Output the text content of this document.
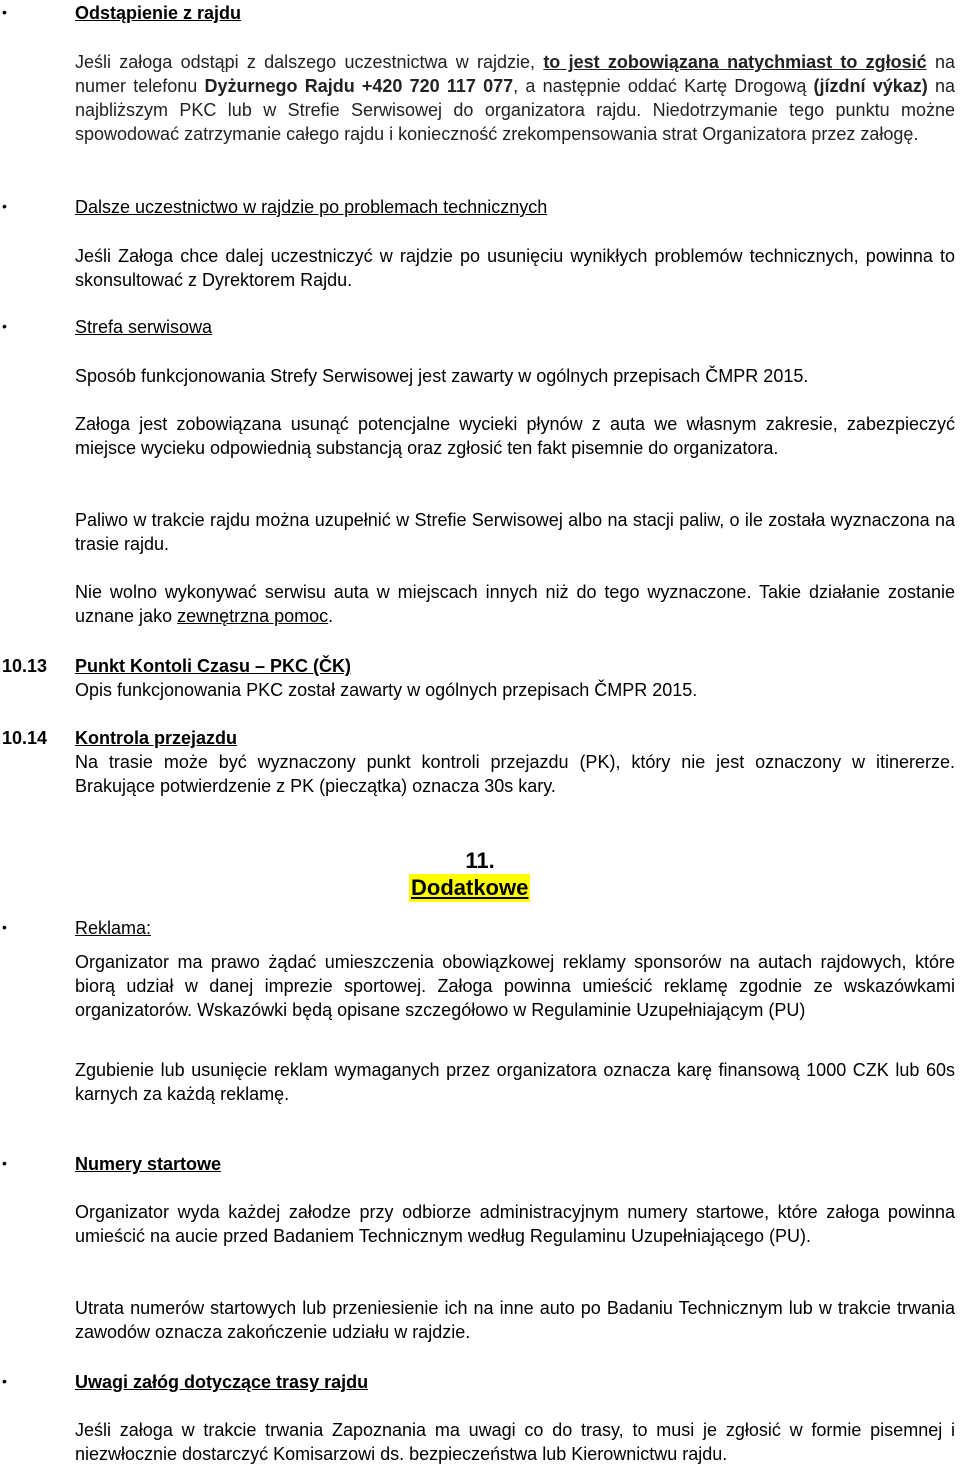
•	Odstąpienie z rajdu

Jeśli załoga odstąpi z dalszego uczestnictwa w rajdzie, to jest zobowiązana natychmiast to zgłosić na numer telefonu Dyżurnego Rajdu +420 720 117 077, a następnie oddać Kartę Drogową (jízdní výkaz) na najbliższym PKC lub w Strefie Serwisowej do organizatora rajdu. Niedotrzymanie tego punktu możne spowodować zatrzymanie całego rajdu i konieczność zrekompensowania strat Organizatora przez załogę.

•	Dalsze uczestnictwo w rajdzie po problemach technicznych

Jeśli Załoga chce dalej uczestniczyć w rajdzie po usunięciu wynikłych problemów technicznych, powinna to skonsultować z Dyrektorem Rajdu.

•	Strefa serwisowa

Sposób funkcjonowania Strefy Serwisowej jest zawarty w ogólnych przepisach ČMPR 2015.

Załoga jest zobowiązana usunąć potencjalne wycieki płynów z auta we własnym zakresie, zabezpieczyć miejsce wycieku odpowiednią substancją oraz zgłosić ten fakt pisemnie do organizatora.

Paliwo w trakcie rajdu można uzupełnić w Strefie Serwisowej albo na stacji paliw, o ile została wyznaczona na trasie rajdu.

Nie wolno wykonywać serwisu auta w miejscach innych niż do tego wyznaczone. Takie działanie zostanie uznane jako zewnętrzna pomoc.

10.13 Punkt Kontoli Czasu – PKC (ČK)

Opis funkcjonowania PKC został zawarty w ogólnych przepisach ČMPR 2015.

10.14 Kontrola przejazdu

Na trasie może być wyznaczony punkt kontroli przejazdu (PK), który nie jest oznaczony w itinererze. Brakujące potwierdzenie z PK (pieczątka) oznacza 30s kary.

11.
Dodatkowe
•	Reklama:

Organizator ma prawo żądać umieszczenia obowiązkowej reklamy sponsorów na autach rajdowych, które biorą udział w danej imprezie sportowej. Załoga powinna umieścić reklamę zgodnie ze wskazówkami organizatorów. Wskazówki będą opisane szczegółowo w Regulaminie Uzupełniającym (PU)

Zgubienie lub usunięcie reklam wymaganych przez organizatora oznacza karę finansową 1000 CZK lub 60s karnych za każdą reklamę.

•	Numery startowe

Organizator wyda każdej załodze przy odbiorze administracyjnym numery startowe, które załoga powinna umieścić na aucie przed Badaniem Technicznym według Regulaminu Uzupełniającego (PU).

Utrata numerów startowych lub przeniesienie ich na inne auto po Badaniu Technicznym lub w trakcie trwania zawodów oznacza zakończenie udziału w rajdzie.

•	Uwagi załóg dotyczące trasy rajdu

Jeśli załoga w trakcie trwania Zapoznania ma uwagi co do trasy, to musi je zgłosić w formie pisemnej i niezwłocznie dostarczyć Komisarzowi ds. bezpieczeństwa lub Kierownictwu rajdu.
